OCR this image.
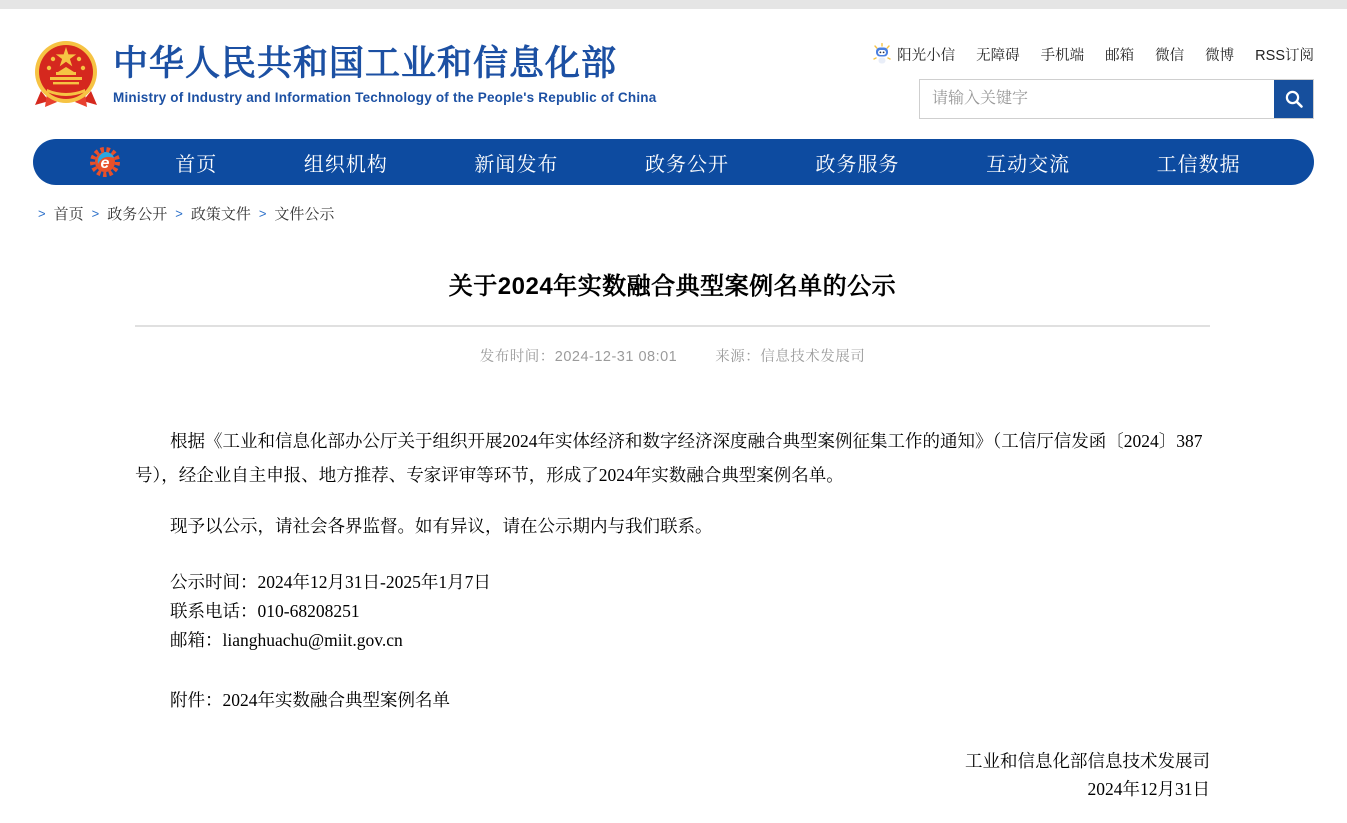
中华人民共和国工业和信息化部
Ministry of Industry and Information Technology of the People's Republic of China
阳光小信 无障碍 手机端 邮箱 微信 微博 RSS订阅
请输入关键字
e	首页	组织机构	新闻发布	政务公开	政务服务	互动交流	工信数据
> 首页 > 政务公开 > 政策文件 > 文件公示
关于2024年实数融合典型案例名单的公示
发布时间：2024-12-31 08:01	来源：信息技术发展司

根据《工业和信息化部办公厅关于组织开展2024年实体经济和数字经济深度融合典型案例征集工作的通知》（工信厅信发函〔2024〕387号），经企业自主申报、地方推荐、专家评审等环节，形成了2024年实数融合典型案例名单。

现予以公示，请社会各界监督。如有异议，请在公示期内与我们联系。

公示时间：2024年12月31日-2025年1月7日
联系电话：010-68208251
邮箱：lianghuachu@miit.gov.cn

附件：2024年实数融合典型案例名单

工业和信息化部信息技术发展司
2024年12月31日
